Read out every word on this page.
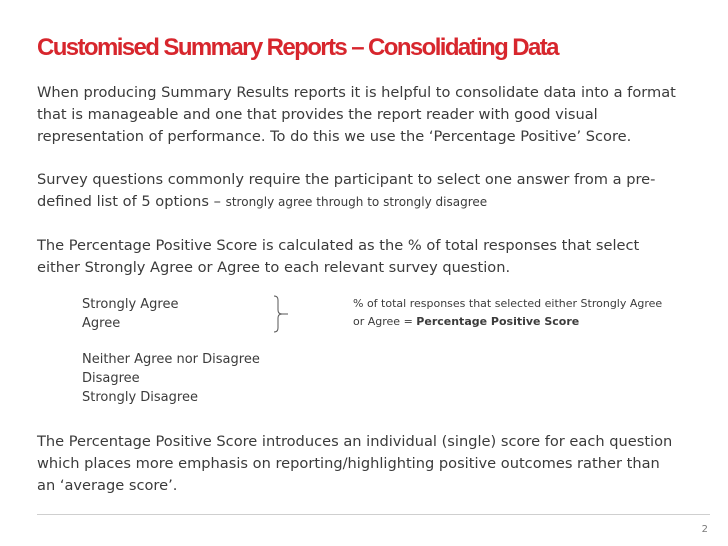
Customised Summary Reports – Consolidating Data
When producing Summary Results reports it is helpful to consolidate data into a format
that is manageable and one that provides the report reader with good visual
representation of performance. To do this we use the ‘Percentage Positive’ Score.
Survey questions commonly require the participant to select one answer from a pre-
defined list of 5 options – strongly agree through to strongly disagree
The Percentage Positive Score is calculated as the % of total responses that select
either Strongly Agree or Agree to each relevant survey question.
Strongly Agree
Agree
% of total responses that selected either Strongly Agree
or Agree = Percentage Positive Score
Neither Agree nor Disagree
Disagree
Strongly Disagree
The Percentage Positive Score introduces an individual (single) score for each question
which places more emphasis on reporting/highlighting positive outcomes rather than
an ‘average score’.
2
